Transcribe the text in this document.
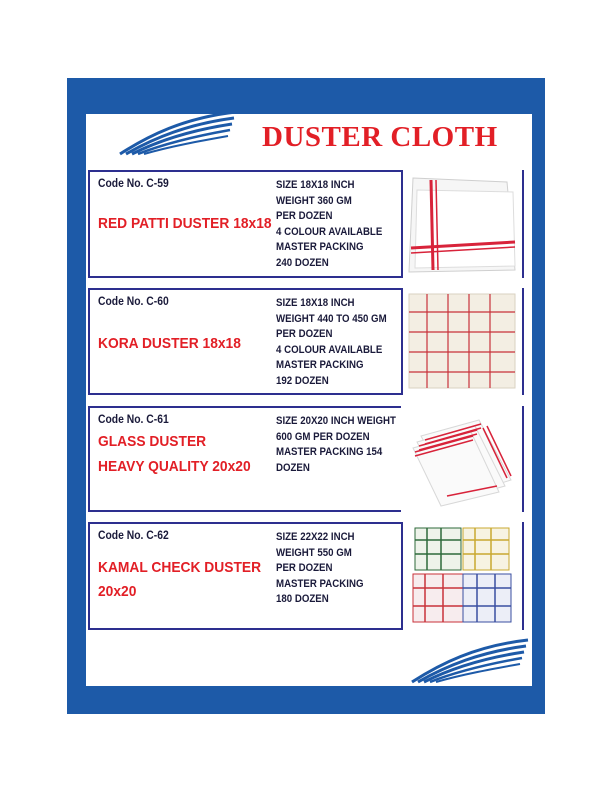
DUSTER CLOTH
Code No. C-59
RED PATTI DUSTER 18x18
SIZE 18X18 INCH
WEIGHT 360 GM
PER DOZEN
4 COLOUR AVAILABLE
MASTER PACKING
240 DOZEN
Code No. C-60
KORA DUSTER 18x18
SIZE 18X18 INCH
WEIGHT 440 TO 450 GM
PER DOZEN
4 COLOUR AVAILABLE
MASTER PACKING
192 DOZEN
Code No. C-61
GLASS DUSTER
HEAVY QUALITY 20x20
SIZE 20X20 INCH WEIGHT
600 GM PER DOZEN
MASTER PACKING 154
DOZEN
Code No. C-62
KAMAL CHECK DUSTER
20x20
SIZE 22X22 INCH
WEIGHT 550 GM
PER DOZEN
MASTER PACKING
180 DOZEN
